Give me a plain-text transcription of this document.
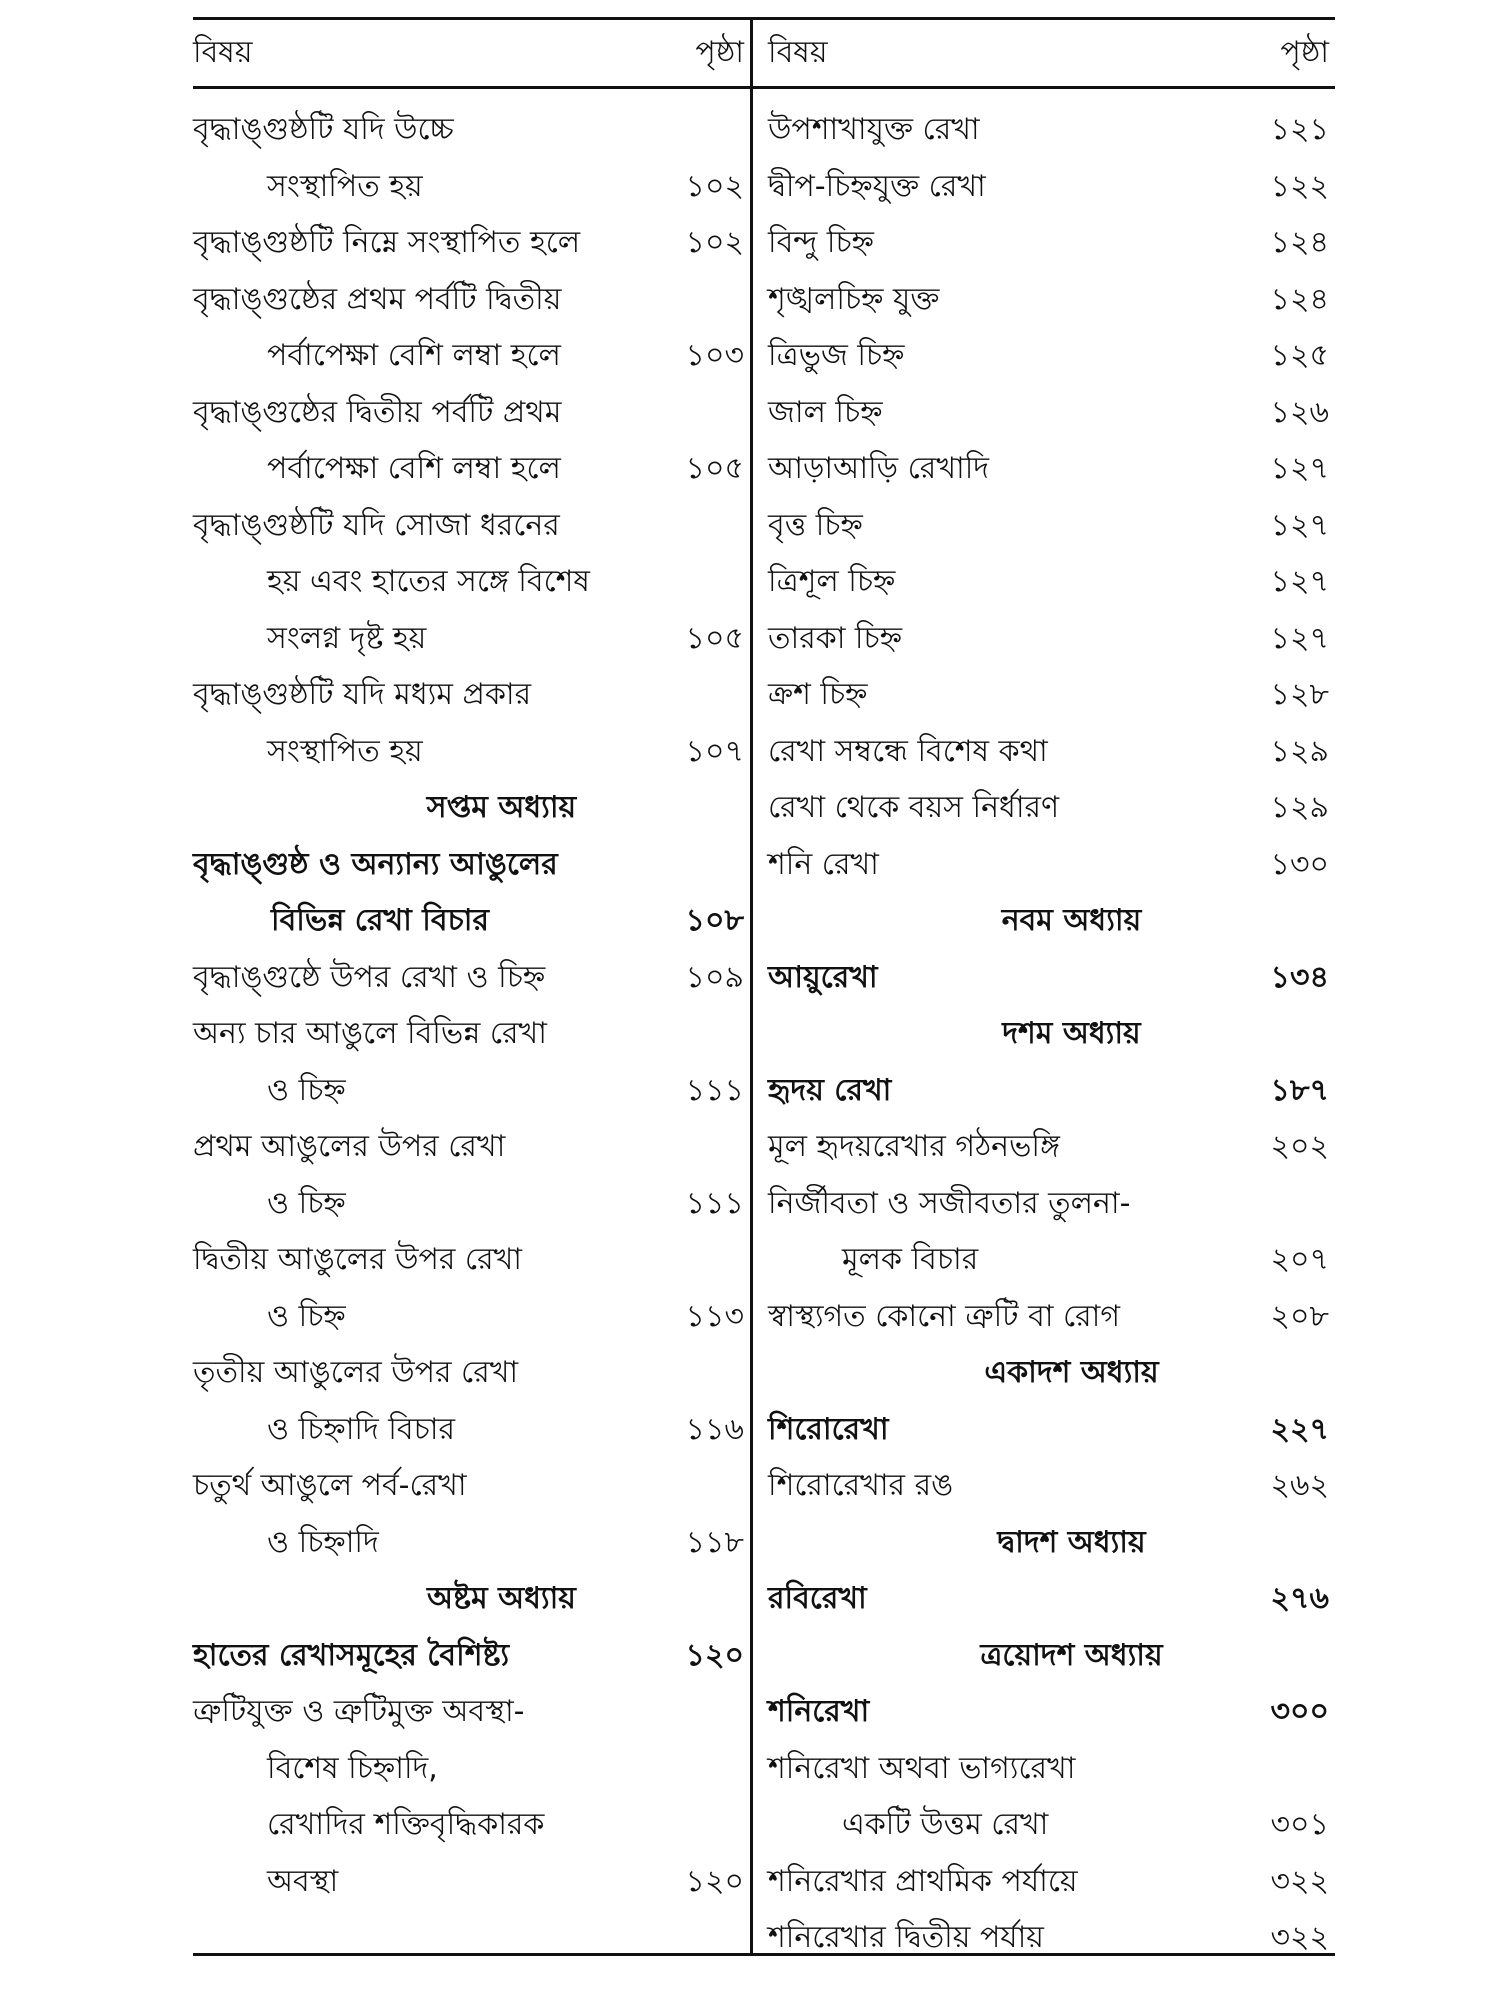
বিষয়	পৃষ্ঠা
বৃদ্ধাঙ্গুষ্ঠটি যদি উচ্চে
সংস্থাপিত হয়	১০২
বৃদ্ধাঙ্গুষ্ঠটি নিম্নে সংস্থাপিত হলে	১০২
বৃদ্ধাঙ্গুষ্ঠের প্রথম পর্বটি দ্বিতীয়
পর্বাপেক্ষা বেশি লম্বা হলে	১০৩
বৃদ্ধাঙ্গুষ্ঠের দ্বিতীয় পর্বটি প্রথম
পর্বাপেক্ষা বেশি লম্বা হলে	১০৫
বৃদ্ধাঙ্গুষ্ঠটি যদি সোজা ধরনের
হয় এবং হাতের সঙ্গে বিশেষ
সংলগ্ন দৃষ্ট হয়	১০৫
বৃদ্ধাঙ্গুষ্ঠটি যদি মধ্যম প্রকার
সংস্থাপিত হয়	১০৭
সপ্তম অধ্যায়
বৃদ্ধাঙ্গুষ্ঠ ও অন্যান্য আঙুলের
বিভিন্ন রেখা বিচার	১০৮
বৃদ্ধাঙ্গুষ্ঠে উপর রেখা ও চিহ্ন	১০৯
অন্য চার আঙুলে বিভিন্ন রেখা
ও চিহ্ন	১১১
প্রথম আঙুলের উপর রেখা
ও চিহ্ন	১১১
দ্বিতীয় আঙুলের উপর রেখা
ও চিহ্ন	১১৩
তৃতীয় আঙুলের উপর রেখা
ও চিহ্নাদি বিচার	১১৬
চতুর্থ আঙুলে পর্ব-রেখা
ও চিহ্নাদি	১১৮
অষ্টম অধ্যায়
হাতের রেখাসমূহের বৈশিষ্ট্য	১২০
ত্রুটিযুক্ত ও ত্রুটিমুক্ত অবস্থা-
বিশেষ চিহ্নাদি,
রেখাদির শক্তিবৃদ্ধিকারক
অবস্থা	১২০
বিষয়	পৃষ্ঠা
উপশাখাযুক্ত রেখা	১২১
দ্বীপ-চিহ্নযুক্ত রেখা	১২২
বিন্দু চিহ্ন	১২৪
শৃঙ্খলচিহ্ন যুক্ত	১২৪
ত্রিভুজ চিহ্ন	১২৫
জাল চিহ্ন	১২৬
আড়াআড়ি রেখাদি	১২৭
বৃত্ত চিহ্ন	১২৭
ত্রিশূল চিহ্ন	১২৭
তারকা চিহ্ন	১২৭
ক্রশ চিহ্ন	১২৮
রেখা সম্বন্ধে বিশেষ কথা	১২৯
রেখা থেকে বয়স নির্ধারণ	১২৯
শনি রেখা	১৩০
নবম অধ্যায়
আয়ুরেখা	১৩৪
দশম অধ্যায়
হৃদয় রেখা	১৮৭
মূল হৃদয়রেখার গঠনভঙ্গি	২০২
নির্জীবতা ও সজীবতার তুলনা-
মূলক বিচার	২০৭
স্বাস্থ্যগত কোনো ত্রুটি বা রোগ	২০৮
একাদশ অধ্যায়
শিরোরেখা	২২৭
শিরোরেখার রঙ	২৬২
দ্বাদশ অধ্যায়
রবিরেখা	২৭৬
ত্রয়োদশ অধ্যায়
শনিরেখা	৩০০
শনিরেখা অথবা ভাগ্যরেখা
একটি উত্তম রেখা	৩০১
শনিরেখার প্রাথমিক পর্যায়ে	৩২২
শনিরেখার দ্বিতীয় পর্যায়	৩২২
